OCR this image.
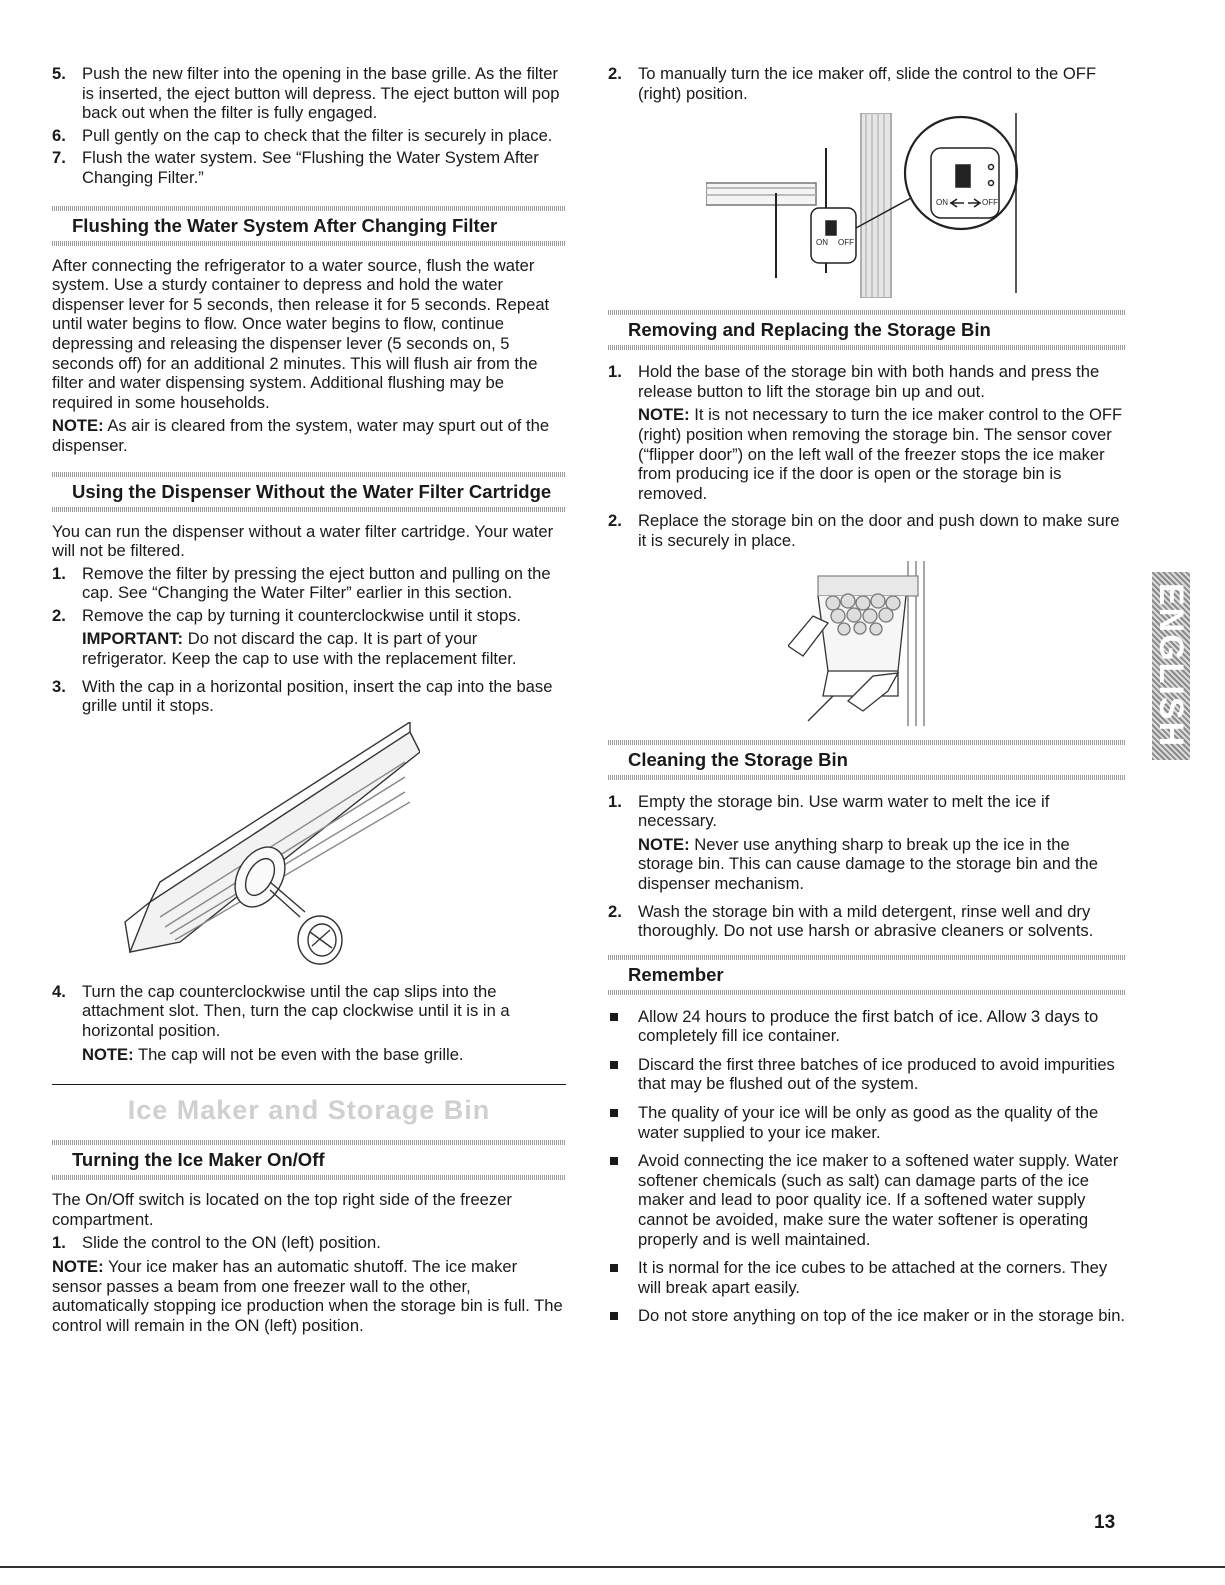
5. Push the new filter into the opening in the base grille. As the filter is inserted, the eject button will depress. The eject button will pop back out when the filter is fully engaged.
6. Pull gently on the cap to check that the filter is securely in place.
7. Flush the water system. See “Flushing the Water System After Changing Filter.”
Flushing the Water System After Changing Filter

After connecting the refrigerator to a water source, flush the water system. Use a sturdy container to depress and hold the water dispenser lever for 5 seconds, then release it for 5 seconds. Repeat until water begins to flow. Once water begins to flow, continue depressing and releasing the dispenser lever (5 seconds on, 5 seconds off) for an additional 2 minutes. This will flush air from the filter and water dispensing system. Additional flushing may be required in some households.

NOTE: As air is cleared from the system, water may spurt out of the dispenser.

Using the Dispenser Without the Water Filter Cartridge

You can run the dispenser without a water filter cartridge. Your water will not be filtered.

1. Remove the filter by pressing the eject button and pulling on the cap. See “Changing the Water Filter” earlier in this section.
2. Remove the cap by turning it counterclockwise until it stops.
IMPORTANT: Do not discard the cap. It is part of your refrigerator. Keep the cap to use with the replacement filter.
3. With the cap in a horizontal position, insert the cap into the base grille until it stops.
4. Turn the cap counterclockwise until the cap slips into the attachment slot. Then, turn the cap clockwise until it is in a horizontal position.
NOTE: The cap will not be even with the base grille.
Ice Maker and Storage Bin
Turning the Ice Maker On/Off

The On/Off switch is located on the top right side of the freezer compartment.

1. Slide the control to the ON (left) position.

NOTE: Your ice maker has an automatic shutoff. The ice maker sensor passes a beam from one freezer wall to the other, automatically stopping ice production when the storage bin is full. The control will remain in the ON (left) position.

2. To manually turn the ice maker off, slide the control to the OFF (right) position.
ON OFF
ON	OFF
Removing and Replacing the Storage Bin
1. Hold the base of the storage bin with both hands and press the release button to lift the storage bin up and out.
NOTE: It is not necessary to turn the ice maker control to the OFF (right) position when removing the storage bin. The sensor cover (“flipper door”) on the left wall of the freezer stops the ice maker from producing ice if the door is open or the storage bin is removed.
2. Replace the storage bin on the door and push down to make sure it is securely in place.
Cleaning the Storage Bin
1. Empty the storage bin. Use warm water to melt the ice if necessary.
NOTE: Never use anything sharp to break up the ice in the storage bin. This can cause damage to the storage bin and the dispenser mechanism.
2. Wash the storage bin with a mild detergent, rinse well and dry thoroughly. Do not use harsh or abrasive cleaners or solvents.
Remember
Allow 24 hours to produce the first batch of ice. Allow 3 days to completely fill ice container.
Discard the first three batches of ice produced to avoid impurities that may be flushed out of the system.
The quality of your ice will be only as good as the quality of the water supplied to your ice maker.
Avoid connecting the ice maker to a softened water supply. Water softener chemicals (such as salt) can damage parts of the ice maker and lead to poor quality ice. If a softened water supply cannot be avoided, make sure the water softener is operating properly and is well maintained.
It is normal for the ice cubes to be attached at the corners. They will break apart easily.
Do not store anything on top of the ice maker or in the storage bin.
ENGLISH
13
